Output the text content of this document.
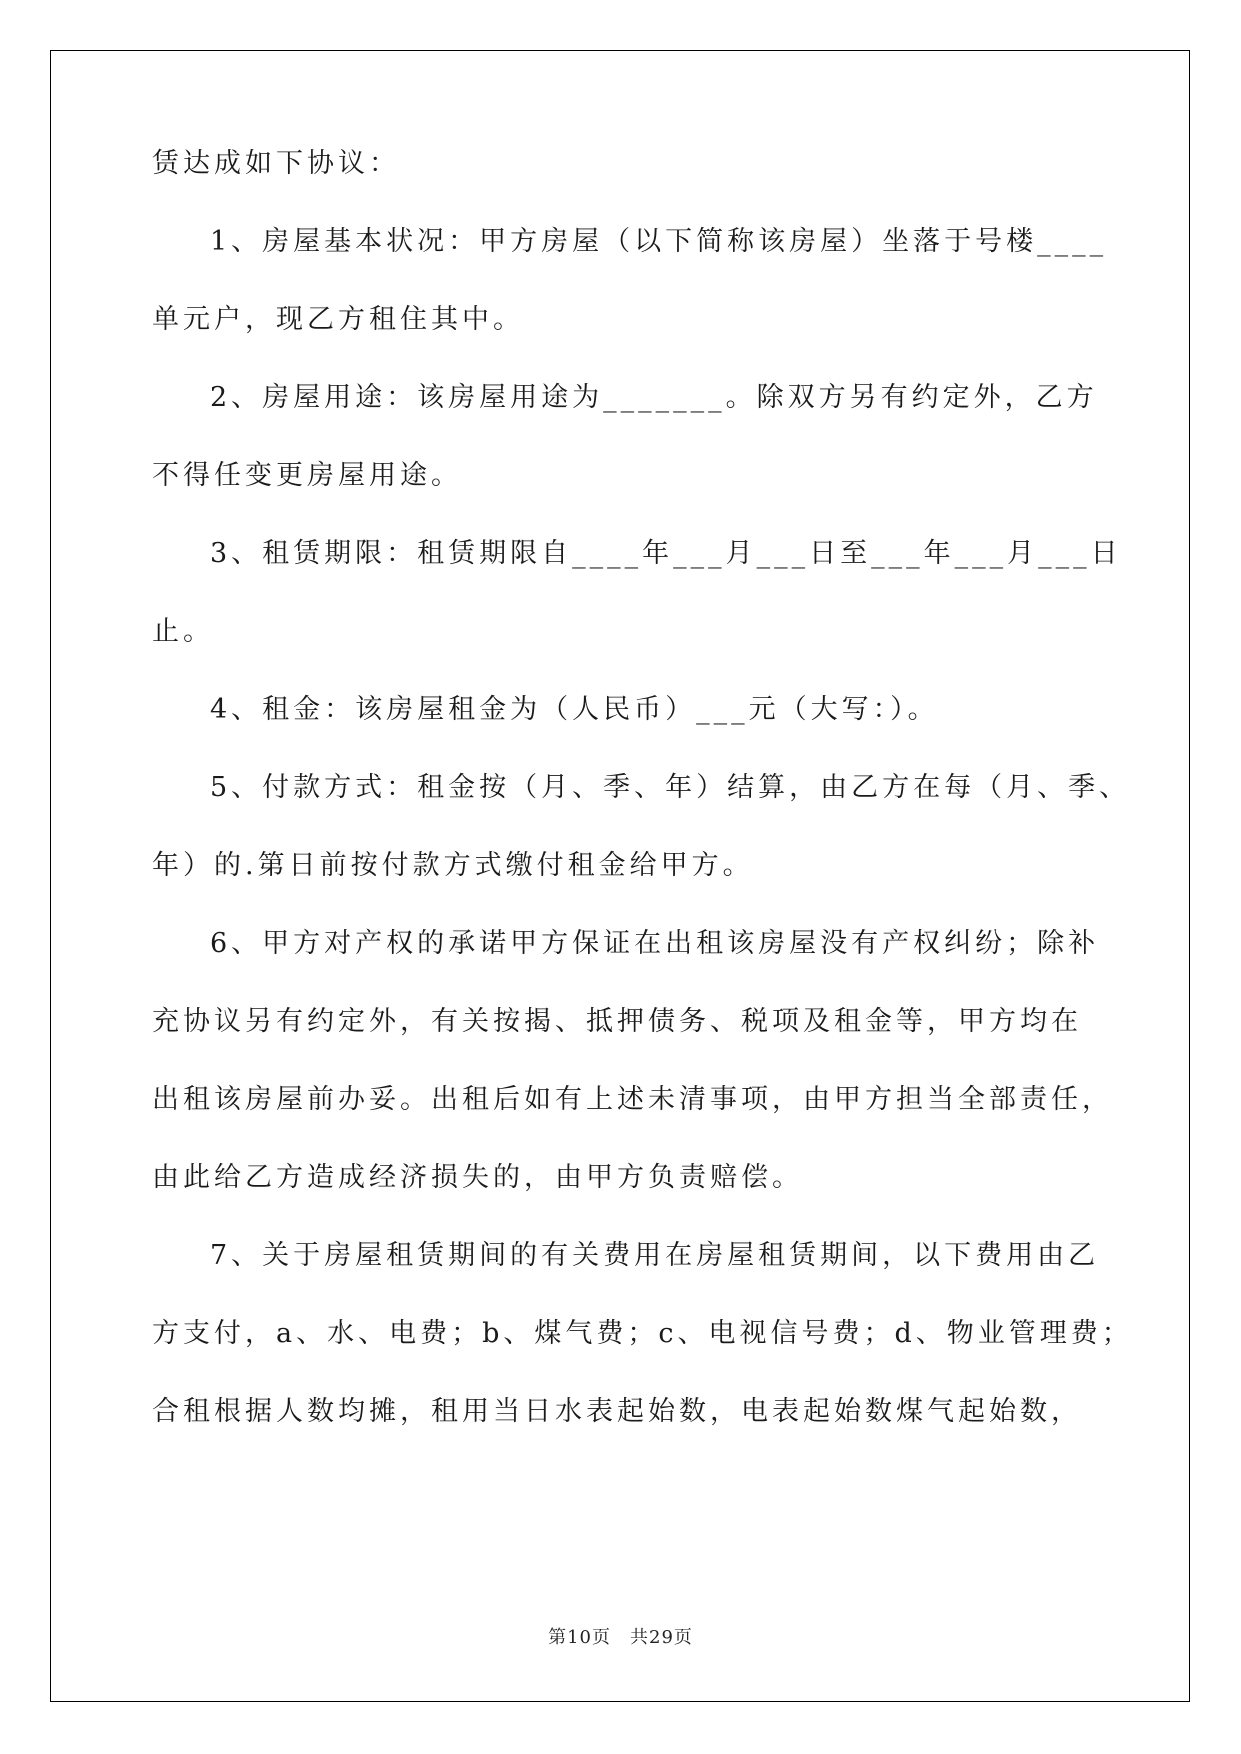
赁达成如下协议：
1、房屋基本状况：甲方房屋（以下简称该房屋）坐落于号楼____
单元户，现乙方租住其中。
2、房屋用途：该房屋用途为_______。除双方另有约定外，乙方
不得任变更房屋用途。
3、租赁期限：租赁期限自____年___月___日至___年___月___日
止。
4、租金：该房屋租金为（人民币）___元（大写：）。
5、付款方式：租金按（月、季、年）结算，由乙方在每（月、季、
年）的.第日前按付款方式缴付租金给甲方。
6、甲方对产权的承诺甲方保证在出租该房屋没有产权纠纷；除补
充协议另有约定外，有关按揭、抵押债务、税项及租金等，甲方均在
出租该房屋前办妥。出租后如有上述未清事项，由甲方担当全部责任，
由此给乙方造成经济损失的，由甲方负责赔偿。
7、关于房屋租赁期间的有关费用在房屋租赁期间，以下费用由乙
方支付，a、水、电费；b、煤气费；c、电视信号费；d、物业管理费；
合租根据人数均摊，租用当日水表起始数，电表起始数煤气起始数，
第10页　共29页
